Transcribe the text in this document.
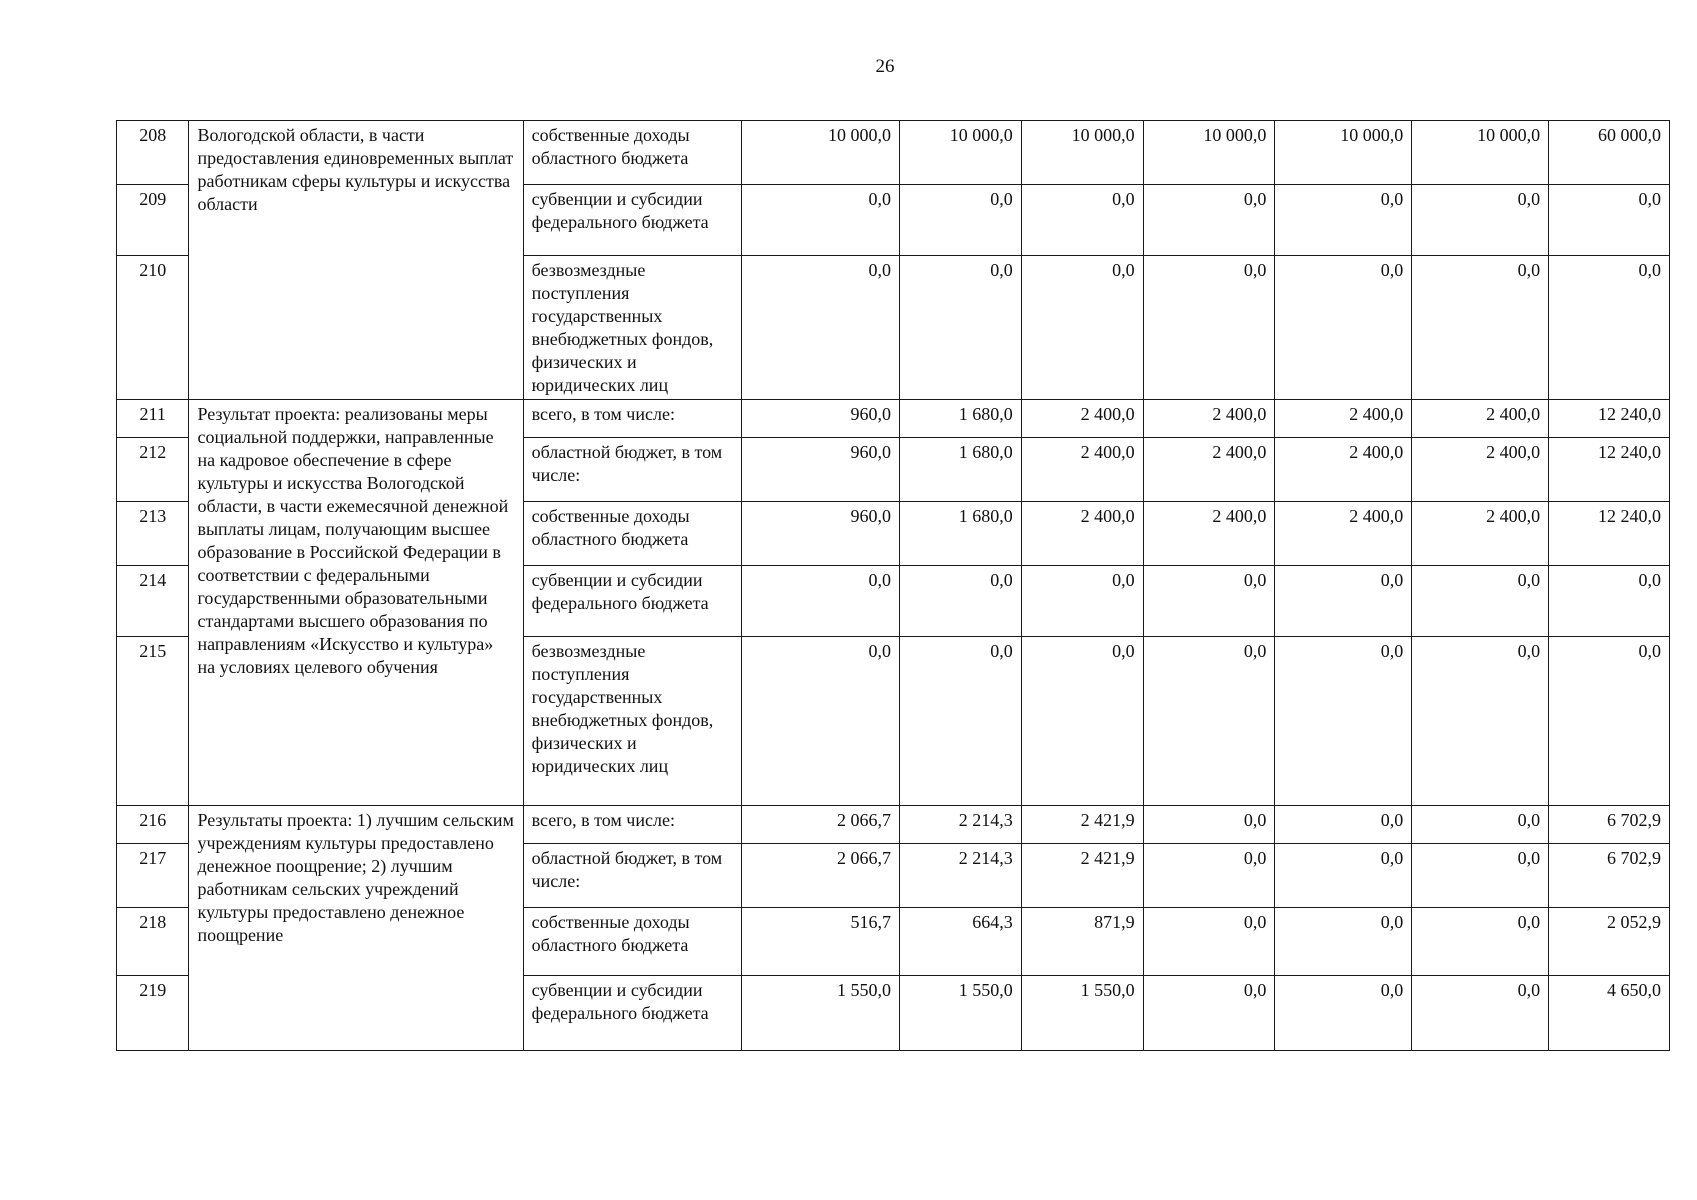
26
208	Вологодской области, в части предоставления единовременных выплат работникам сферы культуры и искусства области	собственные доходы областного бюджета	10 000,0	10 000,0	10 000,0	10 000,0	10 000,0	10 000,0	60 000,0
209		субвенции и субсидии федерального бюджета	0,0	0,0	0,0	0,0	0,0	0,0	0,0
210		безвозмездные поступления государственных внебюджетных фондов, физических и юридических лиц	0,0	0,0	0,0	0,0	0,0	0,0	0,0
211	Результат проекта: реализованы меры социальной поддержки, направленные на кадровое обеспечение в сфере культуры и искусства Вологодской области, в части ежемесячной денежной выплаты лицам, получающим высшее образование в Российской Федерации в соответствии с федеральными государственными образовательными стандартами высшего образования по направлениям «Искусство и культура» на условиях целевого обучения	всего, в том числе:	960,0	1 680,0	2 400,0	2 400,0	2 400,0	2 400,0	12 240,0
212		областной бюджет, в том числе:	960,0	1 680,0	2 400,0	2 400,0	2 400,0	2 400,0	12 240,0
213		собственные доходы областного бюджета	960,0	1 680,0	2 400,0	2 400,0	2 400,0	2 400,0	12 240,0
214		субвенции и субсидии федерального бюджета	0,0	0,0	0,0	0,0	0,0	0,0	0,0
215		безвозмездные поступления государственных внебюджетных фондов, физических и юридических лиц	0,0	0,0	0,0	0,0	0,0	0,0	0,0
216	Результаты проекта: 1) лучшим сельским учреждениям культуры предоставлено денежное поощрение; 2) лучшим работникам сельских учреждений культуры предоставлено денежное поощрение	всего, в том числе:	2 066,7	2 214,3	2 421,9	0,0	0,0	0,0	6 702,9
217		областной бюджет, в том числе:	2 066,7	2 214,3	2 421,9	0,0	0,0	0,0	6 702,9
218		собственные доходы областного бюджета	516,7	664,3	871,9	0,0	0,0	0,0	2 052,9
219		субвенции и субсидии федерального бюджета	1 550,0	1 550,0	1 550,0	0,0	0,0	0,0	4 650,0
